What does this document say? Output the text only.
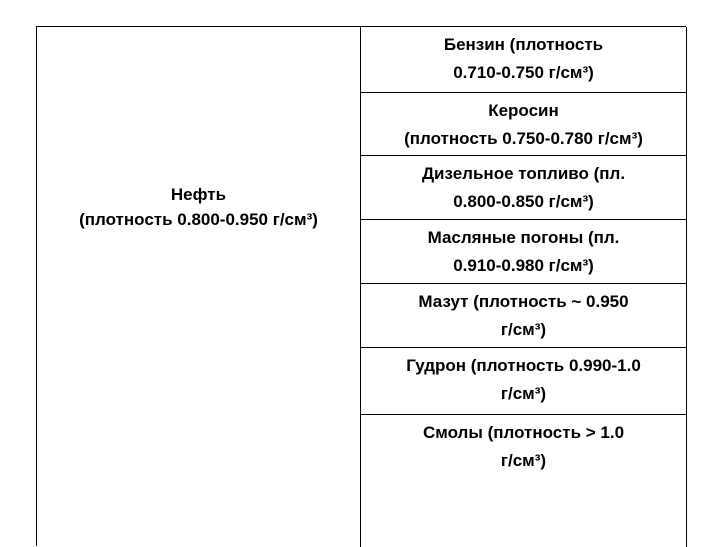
Нефть
(плотность 0.800-0.950 г/см³)
Бензин (плотность
0.710-0.750 г/см³)
Керосин
(плотность 0.750-0.780 г/см³)
Дизельное топливо (пл.
0.800-0.850 г/см³)
Масляные погоны (пл.
0.910-0.980 г/см³)
Мазут (плотность ~ 0.950
г/см³)
Гудрон (плотность 0.990-1.0
г/см³)
Смолы (плотность > 1.0
г/см³)
